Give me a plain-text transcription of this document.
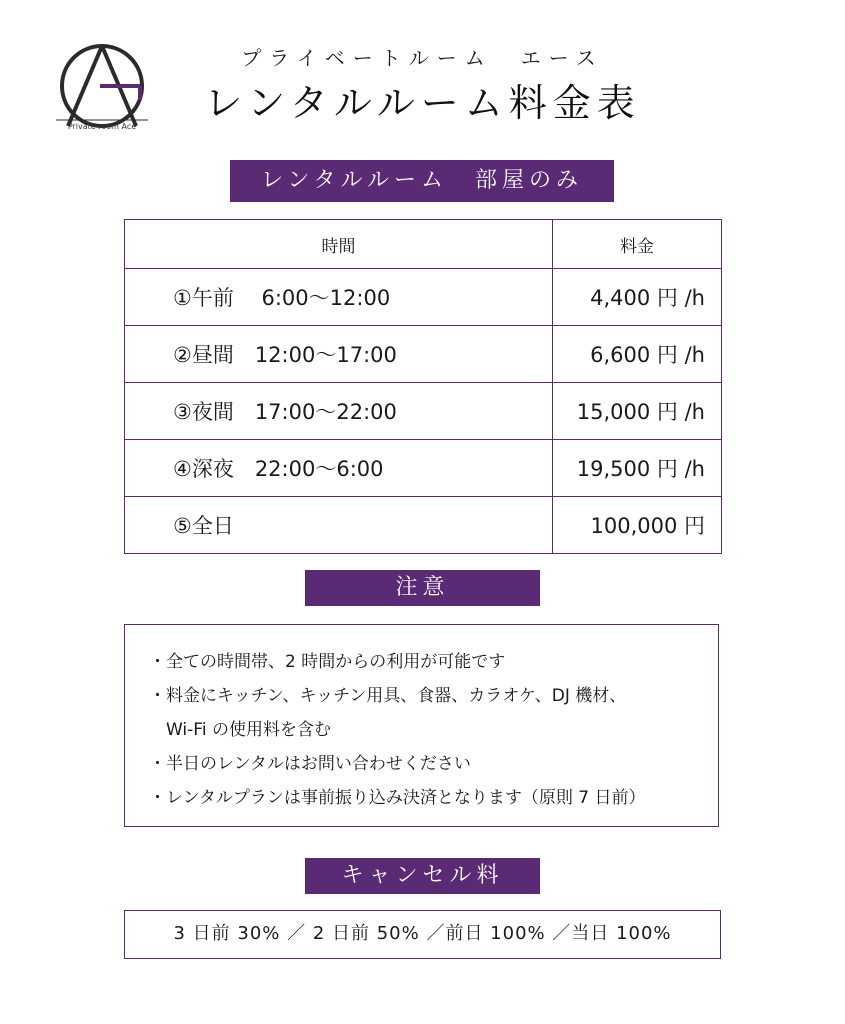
Private room Ace
プライベートルーム　エース
レンタルルーム料金表
レンタルルーム　部屋のみ
時間	料金
①午前　 6:00～12:00	4,400 円 /h
②昼間　12:00～17:00	6,600 円 /h
③夜間　17:00～22:00	15,000 円 /h
④深夜　22:00～6:00	19,500 円 /h
⑤全日	100,000 円
注意
・全ての時間帯、2 時間からの利用が可能です
・料金にキッチン、キッチン用具、食器、カラオケ、DJ 機材、
　Wi-Fi の使用料を含む
・半日のレンタルはお問い合わせください
・レンタルプランは事前振り込み決済となります（原則 7 日前）
キャンセル料
3 日前 30% ／ 2 日前 50% ／前日 100% ／当日 100%
